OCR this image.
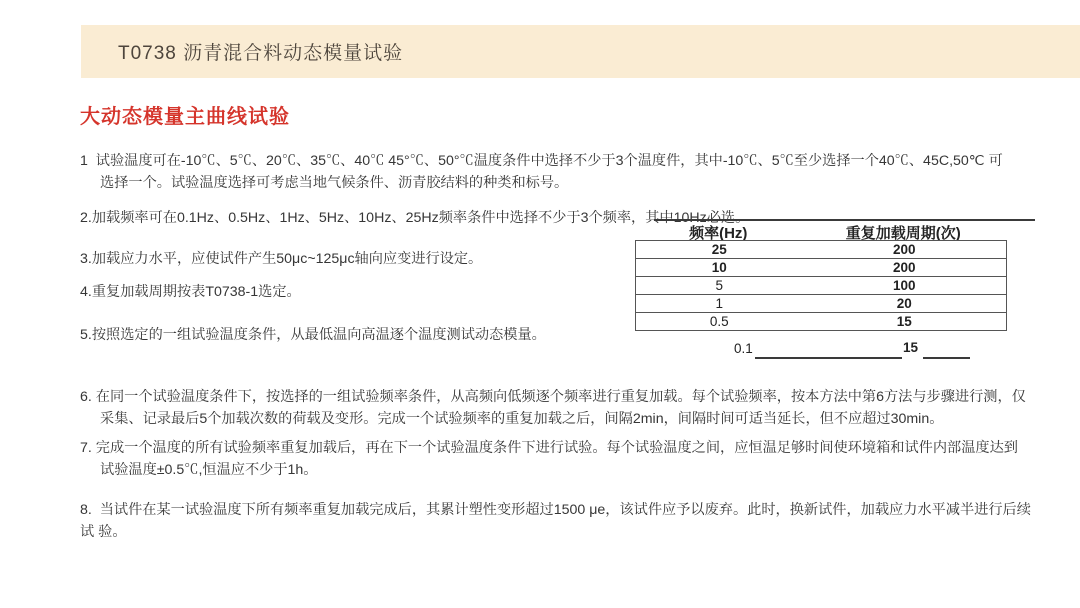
T0738 沥青混合料动态模量试验
大动态模量主曲线试验

1  试验温度可在-10℃、5℃、20℃、35℃、40℃ 45°℃、50°℃温度条件中选择不少于3个温度件，其中-10℃、5℃至少选择一个40℃、45C,50℃ 可    选择一个。试验温度选择可考虑当地气候条件、沥青胶结料的种类和标号。

2.加载频率可在0.1Hz、0.5Hz、1Hz、5Hz、10Hz、25Hz频率条件中选择不少于3个频率，其中10Hz必选。

3.加载应力水平，应使试件产生50μc~125μc轴向应变进行设定。

4.重复加载周期按表T0738-1选定。

5.按照选定的一组试验温度条件，从最低温向高温逐个温度测试动态模量。

6. 在同一个试验温度条件下，按选择的一组试验频率条件，从高频向低频逐个频率进行重复加载。每个试验频率，按本方法中第6方法与步骤进行测，仅采集、记录最后5个加载次数的荷载及变形。完成一个试验频率的重复加载之后，间隔2min，间隔时间可适当延长，但不应超过30min。

7. 完成一个温度的所有试验频率重复加载后，再在下一个试验温度条件下进行试验。每个试验温度之间，应恒温足够时间使环境箱和试件内部温度达到试验温度±0.5℃,恒温应不少于1h。

8.  当试件在某一试验温度下所有频率重复加载完成后，其累计塑性变形超过1500 μe，该试件应予以废弃。此时，换新试件，加载应力水平减半进行后续试 验。

频率(Hz)	重复加载周期(次)
25	200
10	200
5	100
1	20
0.5	15
0.1	15
